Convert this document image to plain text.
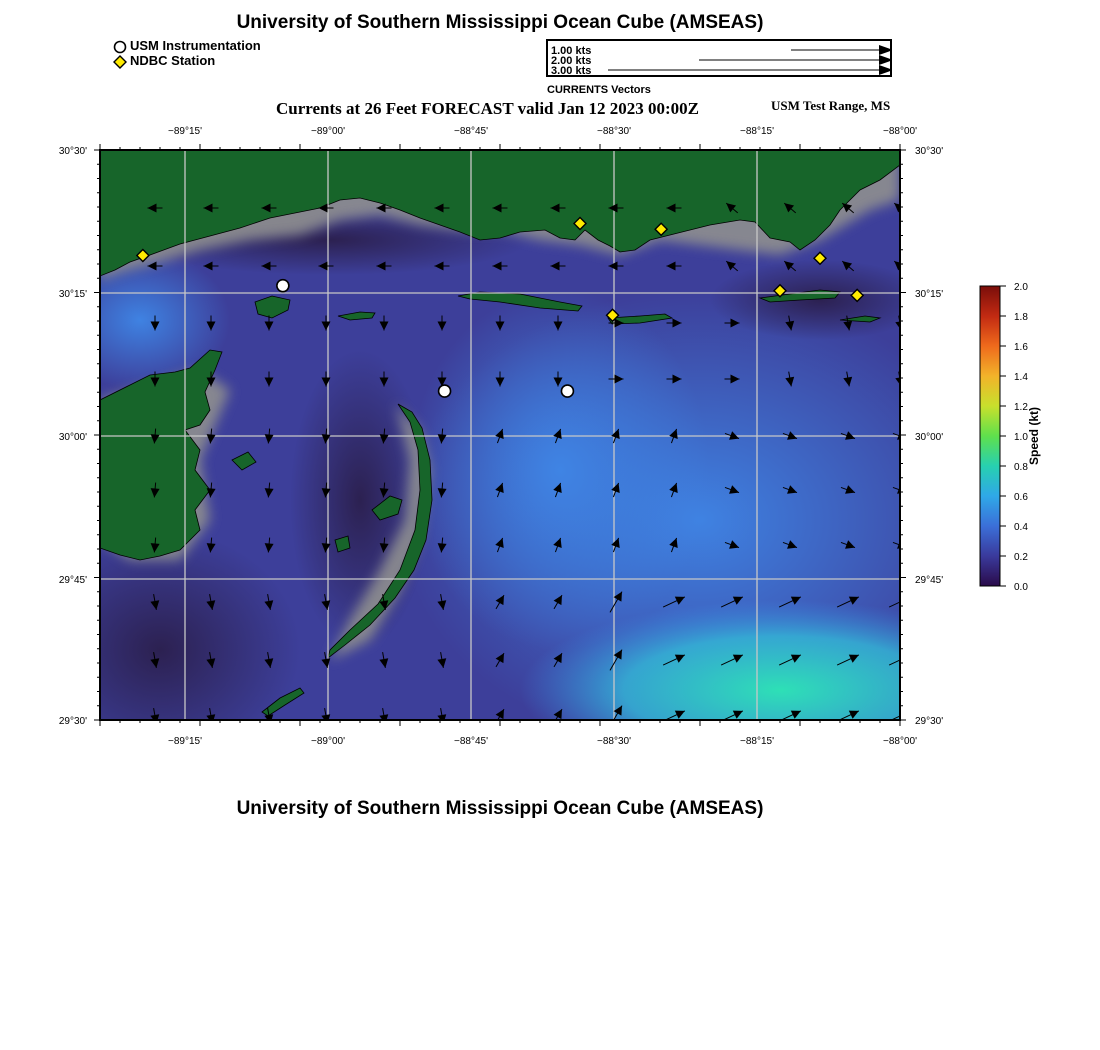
University of Southern Mississippi Ocean Cube (AMSEAS)
USM Instrumentation
NDBC Station
1.00 kts
2.00 kts
3.00 kts
CURRENTS Vectors
Currents at 26 Feet FORECAST valid Jan 12 2023 00:00Z	USM Test Range, MS
−89°15'	−89°00'	−88°45'	−88°30'	−88°15'	−88°00'
−89°15'	−89°00'	−88°45'	−88°30'	−88°15'	−88°00'
30°30'
30°15'
30°00'
29°45'
29°30'
30°30'
30°15'
30°00'
29°45'
29°30'
2.0
1.8
1.6
1.4
1.2
1.0
0.8
0.6
0.4
0.2
0.0
Speed (kt)
University of Southern Mississippi Ocean Cube (AMSEAS)
